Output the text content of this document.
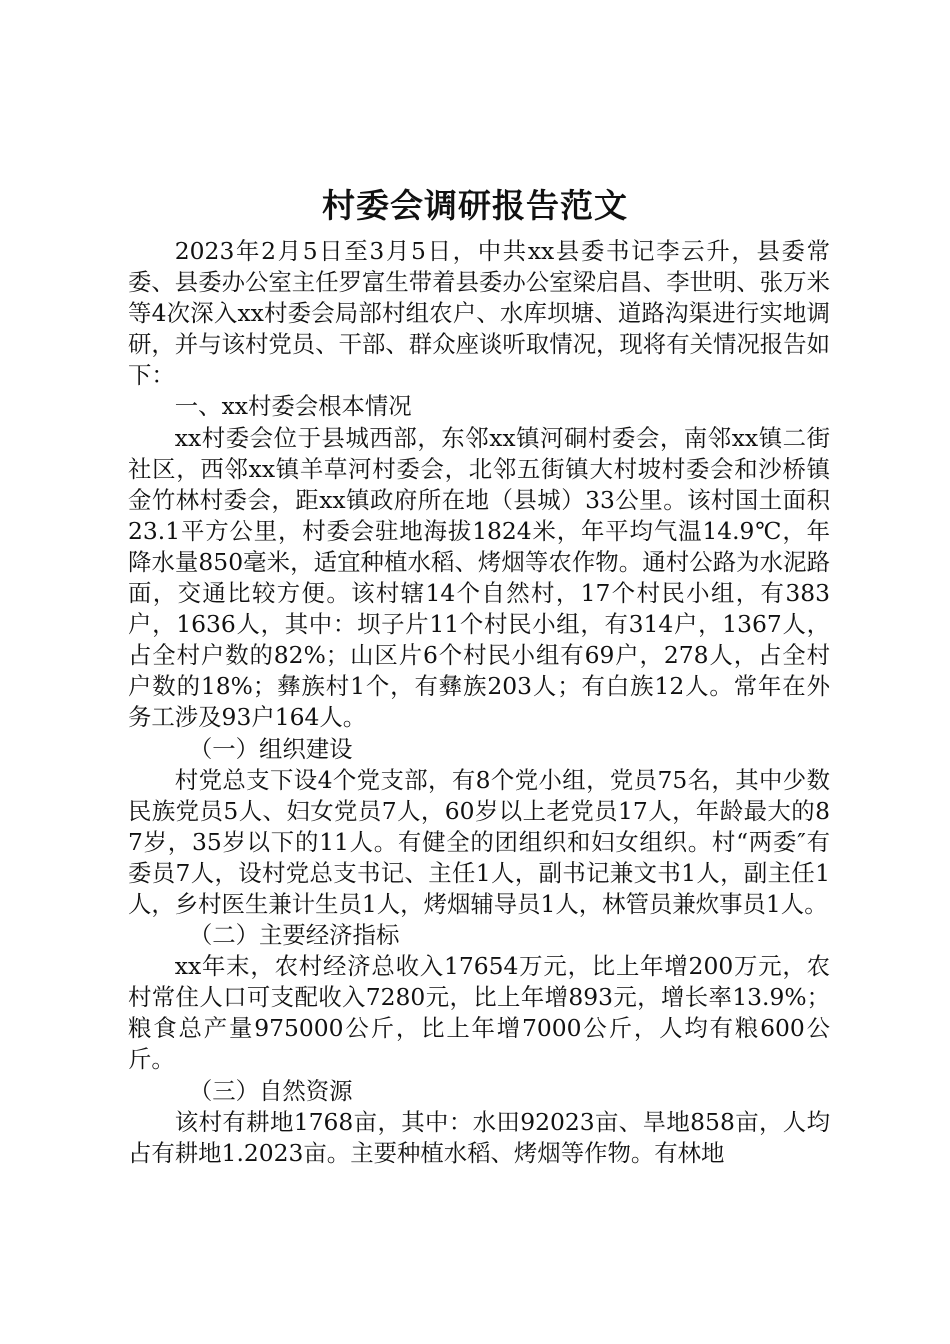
村委会调研报告范文

2023年2月5日至3月5日，中共xx县委书记李云升，县委常委、县委办公室主任罗富生带着县委办公室梁启昌、李世明、张万米等4次深入xx村委会局部村组农户、水库坝塘、道路沟渠进行实地调研，并与该村党员、干部、群众座谈听取情况，现将有关情况报告如下：

一、xx村委会根本情况

xx村委会位于县城西部，东邻xx镇河硐村委会，南邻xx镇二街社区，西邻xx镇羊草河村委会，北邻五街镇大村坡村委会和沙桥镇金竹林村委会，距xx镇政府所在地（县城）33公里。该村国土面积23.1平方公里，村委会驻地海拔1824米，年平均气温14.9℃，年降水量850毫米，适宜种植水稻、烤烟等农作物。通村公路为水泥路面，交通比较方便。该村辖14个自然村，17个村民小组，有383户，1636人，其中：坝子片11个村民小组，有314户，1367人，占全村户数的82%；山区片6个村民小组有69户，278人，占全村户数的18%；彝族村1个，有彝族203人；有白族12人。常年在外务工涉及93户164人。

（一）组织建设

村党总支下设4个党支部，有8个党小组，党员75名，其中少数民族党员5人、妇女党员7人，60岁以上老党员17人，年龄最大的87岁，35岁以下的11人。有健全的团组织和妇女组织。村“两委″有委员7人，设村党总支书记、主任1人，副书记兼文书1人，副主任1人，乡村医生兼计生员1人，烤烟辅导员1人，林管员兼炊事员1人。

（二）主要经济指标

xx年末，农村经济总收入17654万元，比上年增200万元，农村常住人口可支配收入7280元，比上年增893元，增长率13.9%；粮食总产量975000公斤，比上年增7000公斤，人均有粮600公斤。

（三）自然资源

该村有耕地1768亩，其中：水田92023亩、旱地858亩，人均占有耕地1.2023亩。主要种植水稻、烤烟等作物。有林地
